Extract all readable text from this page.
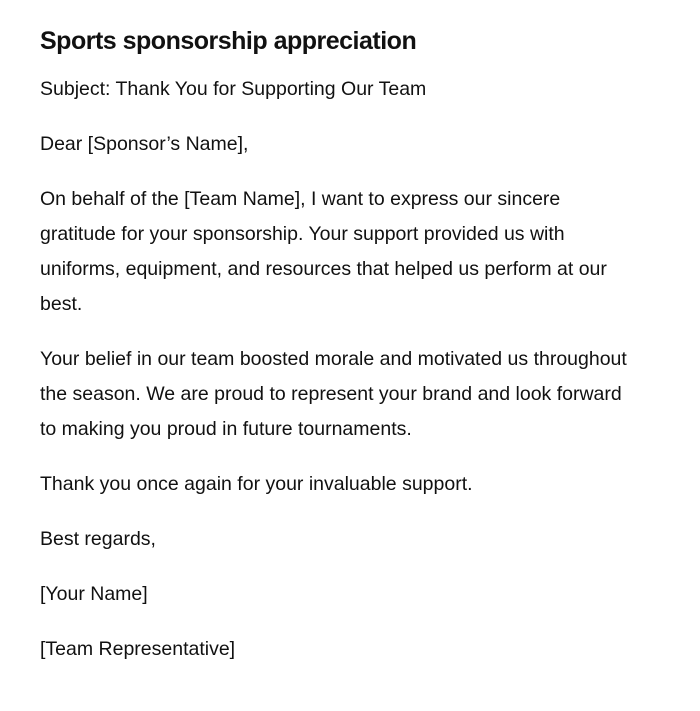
Sports sponsorship appreciation

Subject: Thank You for Supporting Our Team

Dear [Sponsor’s Name],

On behalf of the [Team Name], I want to express our sincere gratitude for your sponsorship. Your support provided us with uniforms, equipment, and resources that helped us perform at our best.

Your belief in our team boosted morale and motivated us throughout the season. We are proud to represent your brand and look forward to making you proud in future tournaments.

Thank you once again for your invaluable support.

Best regards,

[Your Name]

[Team Representative]
